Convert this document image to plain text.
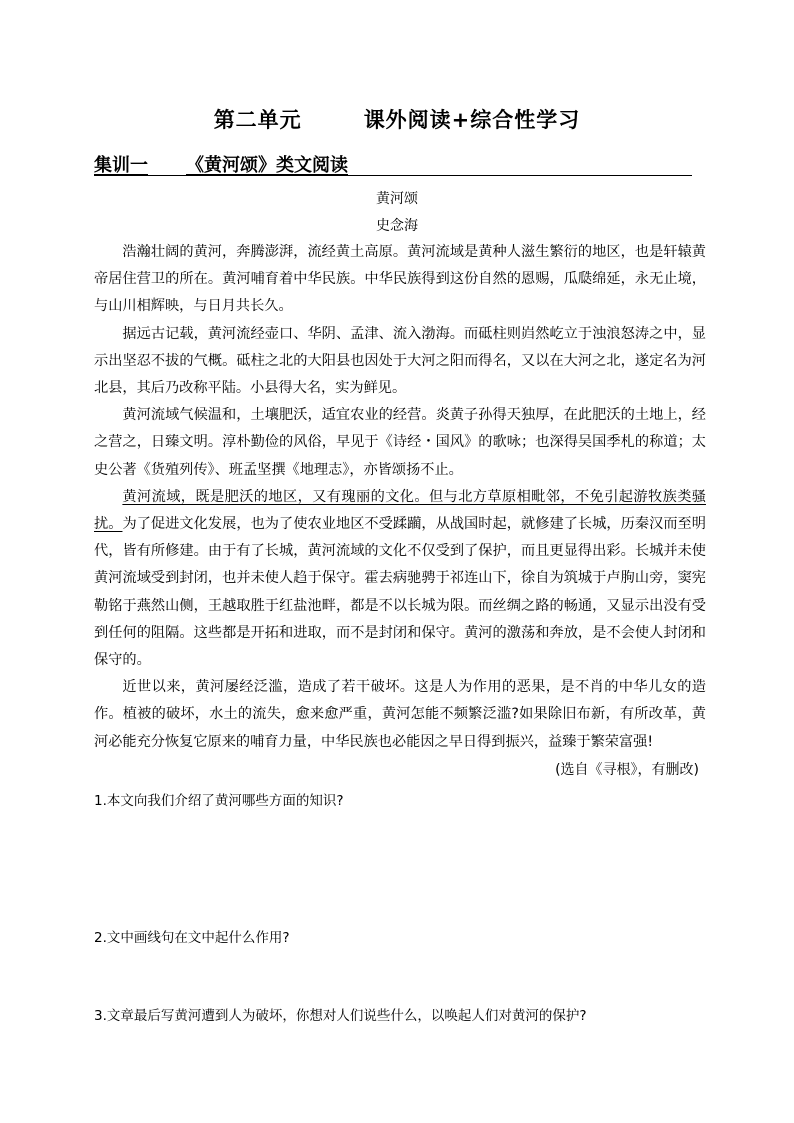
第二单元	课外阅读+综合性学习
集训一 《黄河颂》类文阅读
黄河颂
史念海

浩瀚壮阔的黄河，奔腾澎湃，流经黄土高原。黄河流域是黄种人滋生繁衍的地区，也是轩辕黄帝居住营卫的所在。黄河哺育着中华民族。中华民族得到这份自然的恩赐，瓜瓞绵延，永无止境，与山川相辉映，与日月共长久。

据远古记载，黄河流经壶口、华阴、孟津、流入渤海。而砥柱则岿然屹立于浊浪怒涛之中，显示出坚忍不拔的气概。砥柱之北的大阳县也因处于大河之阳而得名，又以在大河之北，遂定名为河北县，其后乃改称平陆。小县得大名，实为鲜见。

黄河流域气候温和，土壤肥沃，适宜农业的经营。炎黄子孙得天独厚，在此肥沃的土地上，经之营之，日臻文明。淳朴勤俭的风俗，早见于《诗经・国风》的歌咏；也深得吴国季札的称道；太史公著《货殖列传》、班孟坚撰《地理志》，亦皆颂扬不止。

黄河流域，既是肥沃的地区，又有瑰丽的文化。但与北方草原相毗邻，不免引起游牧族类骚扰。为了促进文化发展，也为了使农业地区不受蹂躏，从战国时起，就修建了长城，历秦汉而至明代，皆有所修建。由于有了长城，黄河流域的文化不仅受到了保护，而且更显得出彩。长城并未使黄河流域受到封闭，也并未使人趋于保守。霍去病驰骋于祁连山下，徐自为筑城于卢朐山旁，窦宪勒铭于燕然山侧，王越取胜于红盐池畔，都是不以长城为限。而丝绸之路的畅通，又显示出没有受到任何的阻隔。这些都是开拓和进取，而不是封闭和保守。黄河的激荡和奔放，是不会使人封闭和保守的。

近世以来，黄河屡经泛滥，造成了若干破坏。这是人为作用的恶果，是不肖的中华儿女的造作。植被的破坏，水土的流失，愈来愈严重，黄河怎能不频繁泛滥?如果除旧布新，有所改革，黄河必能充分恢复它原来的哺育力量，中华民族也必能因之早日得到振兴，益臻于繁荣富强!

(选自《寻根》，有删改)
1.本文向我们介绍了黄河哪些方面的知识?
2.文中画线句在文中起什么作用?
3.文章最后写黄河遭到人为破坏，你想对人们说些什么，以唤起人们对黄河的保护?
